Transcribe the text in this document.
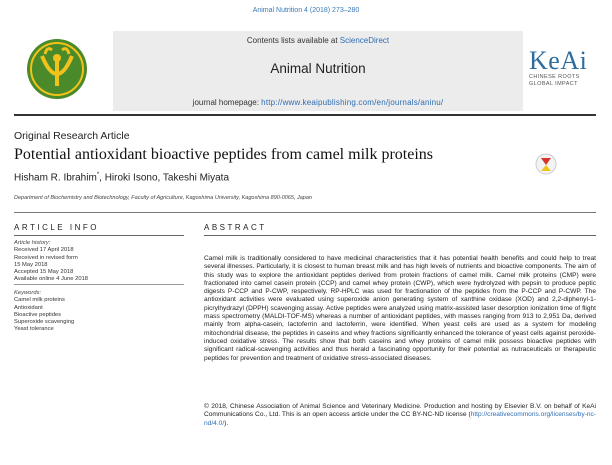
Animal Nutrition 4 (2018) 273–280
Contents lists available at ScienceDirect
Animal Nutrition
journal homepage: http://www.keaipublishing.com/en/journals/aninu/
KeAi
CHINESE ROOTS
GLOBAL IMPACT
Original Research Article
Potential antioxidant bioactive peptides from camel milk proteins
Hisham R. Ibrahim*, Hiroki Isono, Takeshi Miyata
Department of Biochemistry and Biotechnology, Faculty of Agriculture, Kagoshima University, Kagoshima 890-0065, Japan
ARTICLE INFO
Article history:
Received 17 April 2018
Received in revised form
15 May 2018
Accepted 15 May 2018
Available online 4 June 2018
Keywords:
Camel milk proteins
Antioxidant
Bioactive peptides
Superoxide scavenging
Yeast tolerance
ABSTRACT
Camel milk is traditionally considered to have medicinal characteristics that it has potential health benefits and could help to treat several illnesses. Particularly, it is closest to human breast milk and has high levels of nutrients and bioactive components. The aim of this study was to explore the antioxidant peptides derived from protein fractions of camel milk. Camel milk proteins (CMP) were fractionated into camel casein protein (CCP) and camel whey protein (CWP), which were hydrolyzed with pepsin to produce peptic digests P-CCP and P-CWP, respectively. RP-HPLC was used for fractionation of the peptides from the P-CCP and P-CWP. The antioxidant activities were evaluated using superoxide anion generating system of xanthine oxidase (XOD) and 2,2-diphenyl-1-picrylhydrazyl (DPPH) scavenging assay. Active peptides were analyzed using matrix-assisted laser desorption ionization time of flight mass spectrometry (MALDI-TOF-MS) whereas a number of antioxidant peptides, with masses ranging from 913 to 2,951 Da, derived mainly from alpha-casein, lactoferrin and lactoferrin, were identified. When yeast cells are used as a system for modeling mitochondrial disease, the peptides in caseins and whey fractions significantly enhanced the tolerance of yeast cells against peroxide-induced oxidative stress. The results show that both caseins and whey proteins of camel milk possess bioactive peptides with significant radical-scavenging activities and thus herald a fascinating opportunity for their potential as nutraceuticals or therapeutic peptides for prevention and treatment of oxidative stress-associated diseases.
© 2018, Chinese Association of Animal Science and Veterinary Medicine. Production and hosting by Elsevier B.V. on behalf of KeAi Communications Co., Ltd. This is an open access article under the CC BY-NC-ND license (http://creativecommons.org/licenses/by-nc-nd/4.0/).
